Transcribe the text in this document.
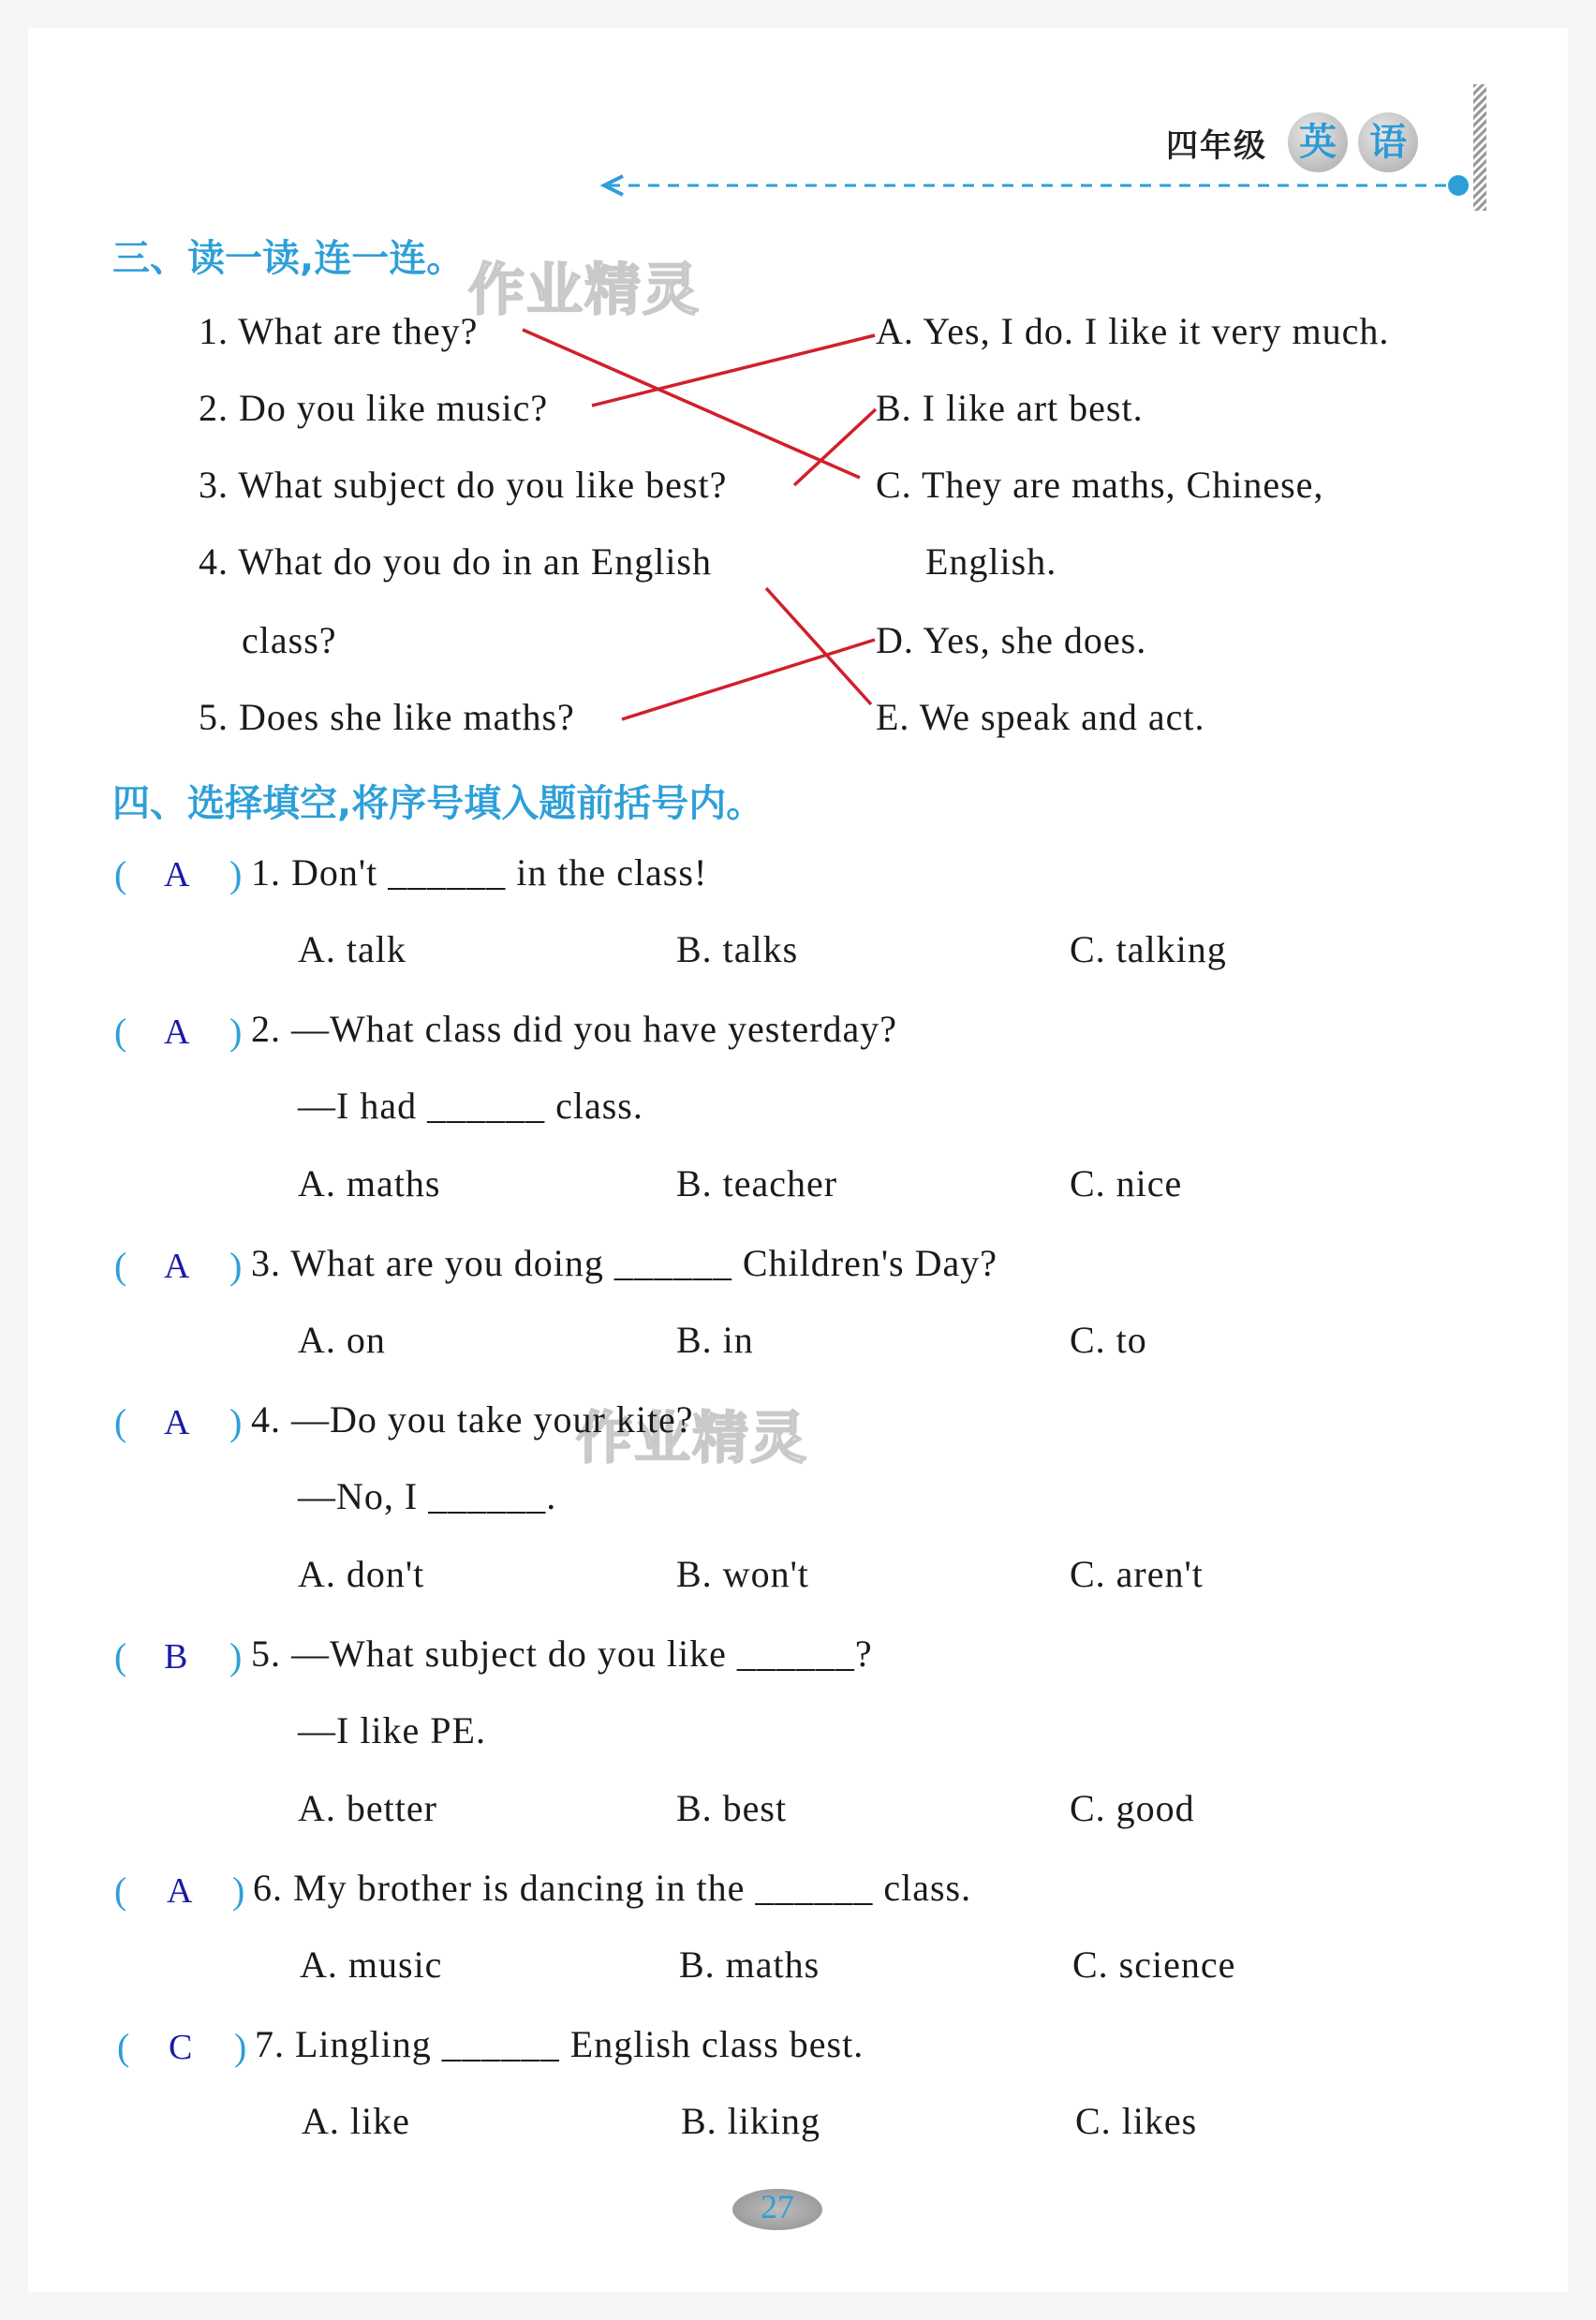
四年级 英 语
作业精灵
作业精灵
三、读一读,连一连。
1. What are they?
2. Do you like music?
3. What subject do you like best?
4. What do you do in an English
class?
5. Does she like maths?
A. Yes, I do. I like it very much.
B. I like art best.
C. They are maths, Chinese,
English.
D. Yes, she does.
E. We speak and act.
四、选择填空,将序号填入题前括号内。
( A ) 1. Don't ______ in the class!
A. talk	B. talks	C. talking
( A ) 2. —What class did you have yesterday?
—I had ______ class.
A. maths	B. teacher	C. nice
( A ) 3. What are you doing ______ Children's Day?
A. on	B. in	C. to
( A ) 4. —Do you take your kite?
—No, I ______.
A. don't	B. won't	C. aren't
( B ) 5. —What subject do you like ______?
—I like PE.
A. better	B. best	C. good
( A ) 6. My brother is dancing in the ______ class.
A. music	B. maths	C. science
( C ) 7. Lingling ______ English class best.
A. like	B. liking	C. likes
27
